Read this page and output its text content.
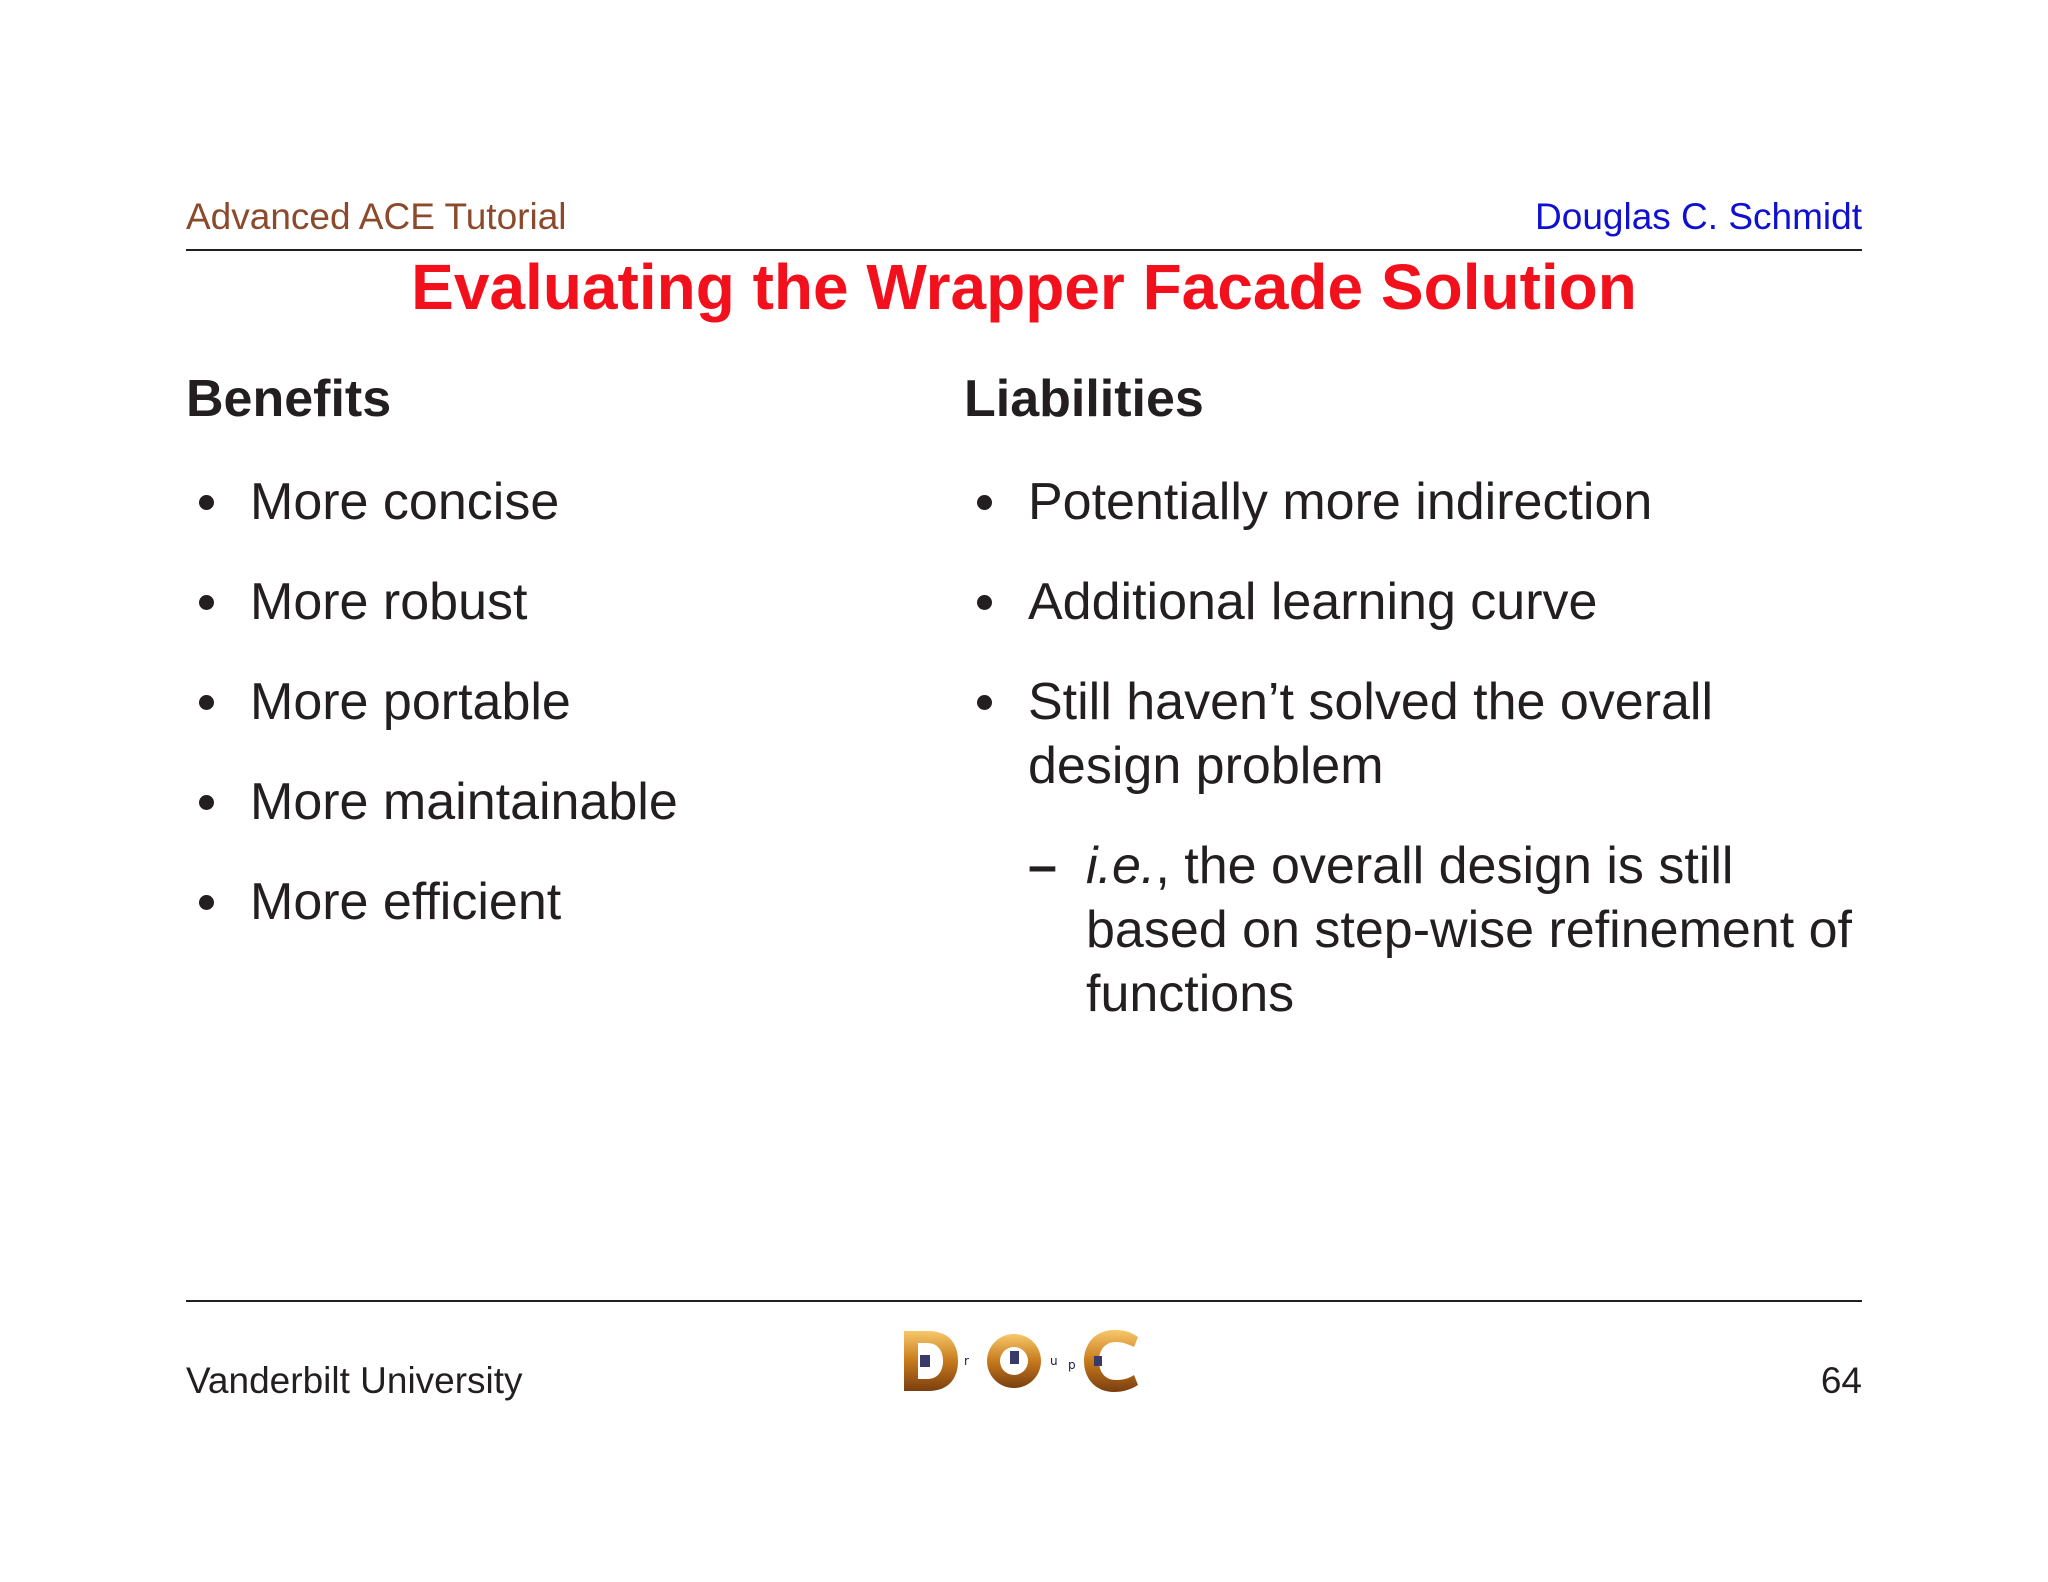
Advanced ACE Tutorial	Douglas C. Schmidt
Evaluating the Wrapper Facade Solution
Benefits
More concise
More robust
More portable
More maintainable
More efficient
Liabilities
Potentially more indirection
Additional learning curve
Still haven’t solved the overall design problem
– i.e., the overall design is still based on step-wise refinement of functions
Vanderbilt University	64
r	u p
